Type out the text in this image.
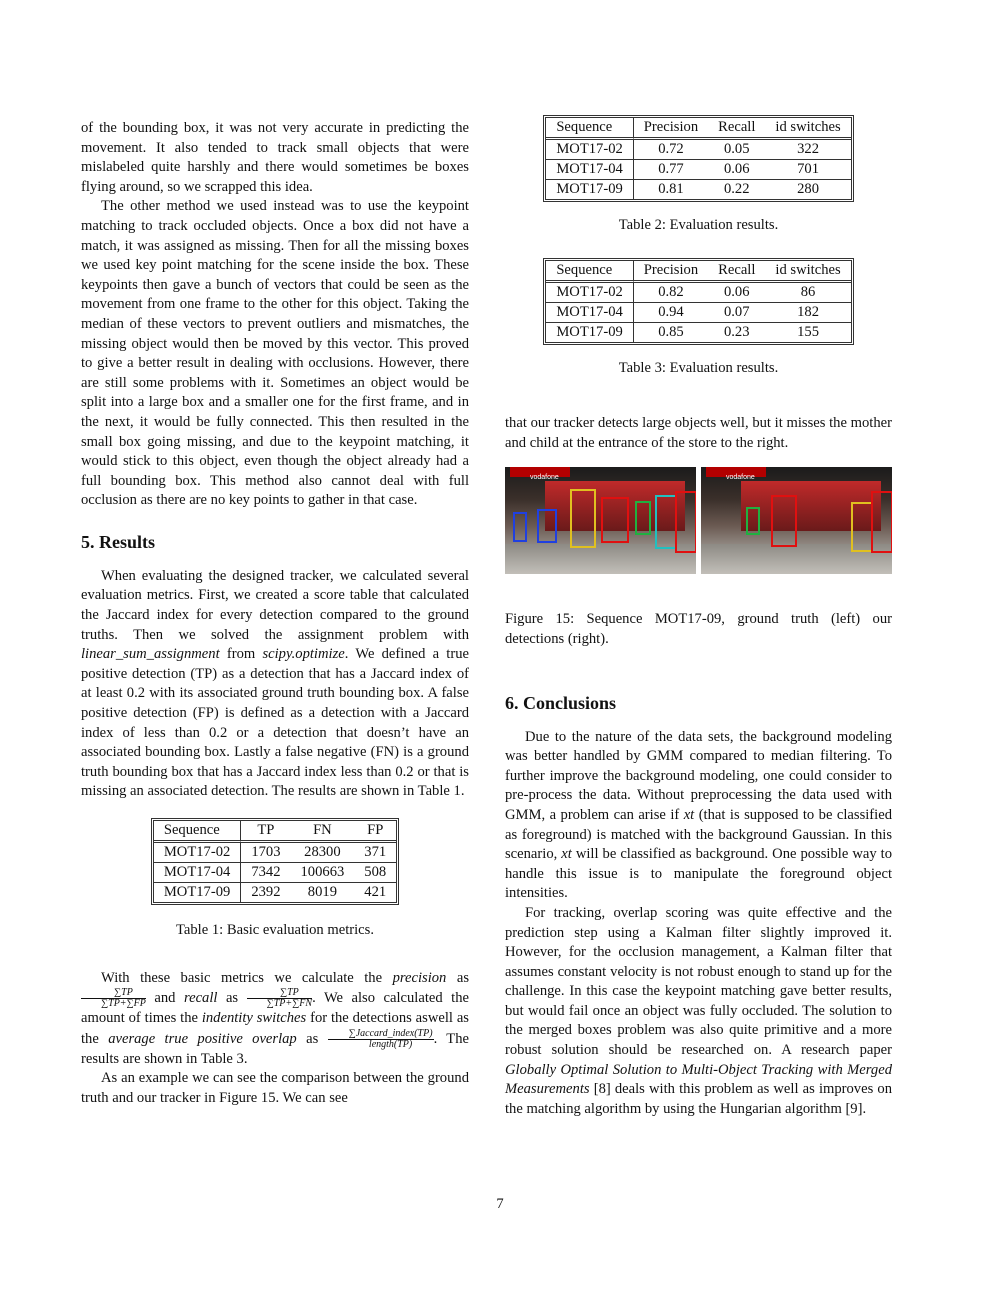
of the bounding box, it was not very accurate in predicting the movement. It also tended to track small objects that were mislabeled quite harshly and there would sometimes be boxes flying around, so we scrapped this idea.

The other method we used instead was to use the keypoint matching to track occluded objects. Once a box did not have a match, it was assigned as missing. Then for all the missing boxes we used key point matching for the scene inside the box. These keypoints then gave a bunch of vectors that could be seen as the movement from one frame to the other for this object. Taking the median of these vectors to prevent outliers and mismatches, the missing object would then be moved by this vector. This proved to give a better result in dealing with occlusions. However, there are still some problems with it. Sometimes an object would be split into a large box and a smaller one for the first frame, and in the next, it would be fully connected. This then resulted in the small box going missing, and due to the keypoint matching, it would stick to this object, even though the object already had a full bounding box. This method also cannot deal with full occlusion as there are no key points to gather in that case.

5. Results

When evaluating the designed tracker, we calculated several evaluation metrics. First, we created a score table that calculated the Jaccard index for every detection compared to the ground truths. Then we solved the assignment problem with linear_sum_assignment from scipy.optimize. We defined a true positive detection (TP) as a detection that has a Jaccard index of at least 0.2 with its associated ground truth bounding box. A false positive detection (FP) is defined as a detection with a Jaccard index of less than 0.2 or a detection that doesn’t have an associated bounding box. Lastly a false negative (FN) is a ground truth bounding box that has a Jaccard index less than 0.2 or that is missing an associated detection. The results are shown in Table 1.

Sequence	TP	FN	FP
MOT17-02	1703	28300	371
MOT17-04	7342	100663	508
MOT17-09	2392	8019	421
Table 1: Basic evaluation metrics.

With these basic metrics we calculate the precision as
$\frac{\sum TP}{\sum TP+\sum FP}$ and recall as $\frac{\sum TP}{\sum TP+\sum FN}$ . We also calculated the amount of times the indentity switches for the detections aswell as the average true positive overlap as $\frac{\text{∑Jaccard\_index(TP)}}{\text{length(TP)}}$ . The results are shown in Table 3.

As an example we can see the comparison between the ground truth and our tracker in Figure 15. We can see

Sequence	Precision	Recall	id switches
MOT17-02	0.72	0.05	322
MOT17-04	0.77	0.06	701
MOT17-09	0.81	0.22	280
Table 2: Evaluation results.
Sequence	Precision	Recall	id switches
MOT17-02	0.82	0.06	86
MOT17-04	0.94	0.07	182
MOT17-09	0.85	0.23	155
Table 3: Evaluation results.

that our tracker detects large objects well, but it misses the mother and child at the entrance of the store to the right.

vodafone	vodafone

Figure 15: Sequence MOT17-09, ground truth (left) our detections (right).

6. Conclusions

Due to the nature of the data sets, the background modeling was better handled by GMM compared to median filtering. To further improve the background modeling, one could consider to pre-process the data. Without preprocessing the data used with GMM, a problem can arise if xt (that is supposed to be classified as foreground) is matched with the background Gaussian. In this scenario, xt will be classified as background. One possible way to handle this issue is to manipulate the foreground object intensities.

For tracking, overlap scoring was quite effective and the prediction step using a Kalman filter slightly improved it. However, for the occlusion management, a Kalman filter that assumes constant velocity is not robust enough to stand up for the challenge. In this case the keypoint matching gave better results, but would fail once an object was fully occluded. The solution to the merged boxes problem was also quite primitive and a more robust solution should be researched on. A research paper Globally Optimal Solution to Multi-Object Tracking with Merged Measurements [8] deals with this problem as well as improves on the matching algorithm by using the Hungarian algorithm [9].

7
